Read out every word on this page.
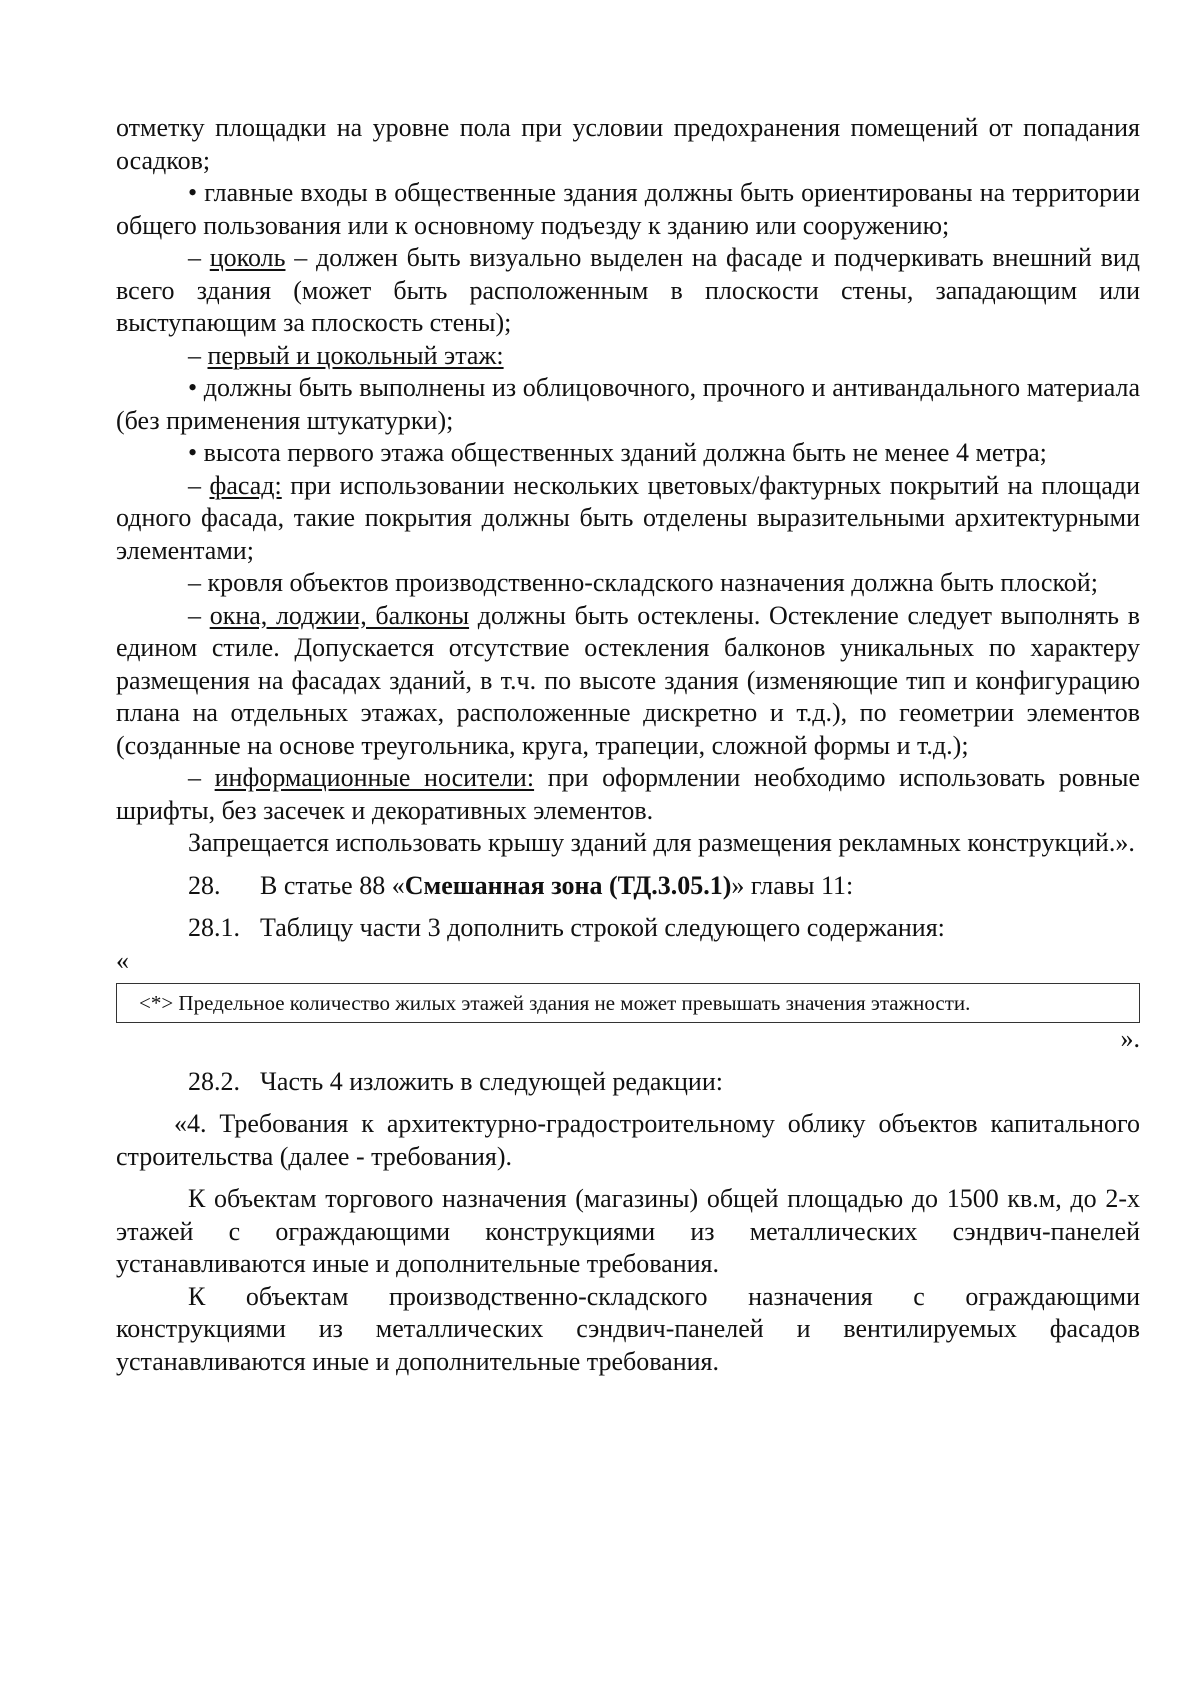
отметку площадки на уровне пола при условии предохранения помещений от попадания осадков;

• главные входы в общественные здания должны быть ориентированы на территории общего пользования или к основному подъезду к зданию или сооружению;

– цоколь – должен быть визуально выделен на фасаде и подчеркивать внешний вид всего здания (может быть расположенным в плоскости стены, западающим или выступающим за плоскость стены);

– первый и цокольный этаж:

• должны быть выполнены из облицовочного, прочного и антивандального материала (без применения штукатурки);

• высота первого этажа общественных зданий должна быть не менее 4 метра;

– фасад: при использовании нескольких цветовых/фактурных покрытий на площади одного фасада, такие покрытия должны быть отделены выразительными архитектурными элементами;

– кровля объектов производственно-складского назначения должна быть плоской;

– окна, лоджии, балконы должны быть остеклены. Остекление следует выполнять в едином стиле. Допускается отсутствие остекления балконов уникальных по характеру размещения на фасадах зданий, в т.ч. по высоте здания (изменяющие тип и конфигурацию плана на отдельных этажах, расположенные дискретно и т.д.), по геометрии элементов (созданные на основе треугольника, круга, трапеции, сложной формы и т.д.);

– информационные носители: при оформлении необходимо использовать ровные шрифты, без засечек и декоративных элементов.

Запрещается использовать крышу зданий для размещения рекламных конструкций.».

28. В статье 88 «Смешанная зона (ТД.3.05.1)» главы 11:

28.1. Таблицу части 3 дополнить строкой следующего содержания:

«

<*> Предельное количество жилых этажей здания не может превышать значения этажности.

».

28.2. Часть 4 изложить в следующей редакции:

«4. Требования к архитектурно-градостроительному облику объектов капитального строительства (далее - требования).

К объектам торгового назначения (магазины) общей площадью до 1500 кв.м, до 2-х этажей с ограждающими конструкциями из металлических сэндвич-панелей устанавливаются иные и дополнительные требования.

К объектам производственно-складского назначения с ограждающими конструкциями из металлических сэндвич-панелей и вентилируемых фасадов устанавливаются иные и дополнительные требования.
